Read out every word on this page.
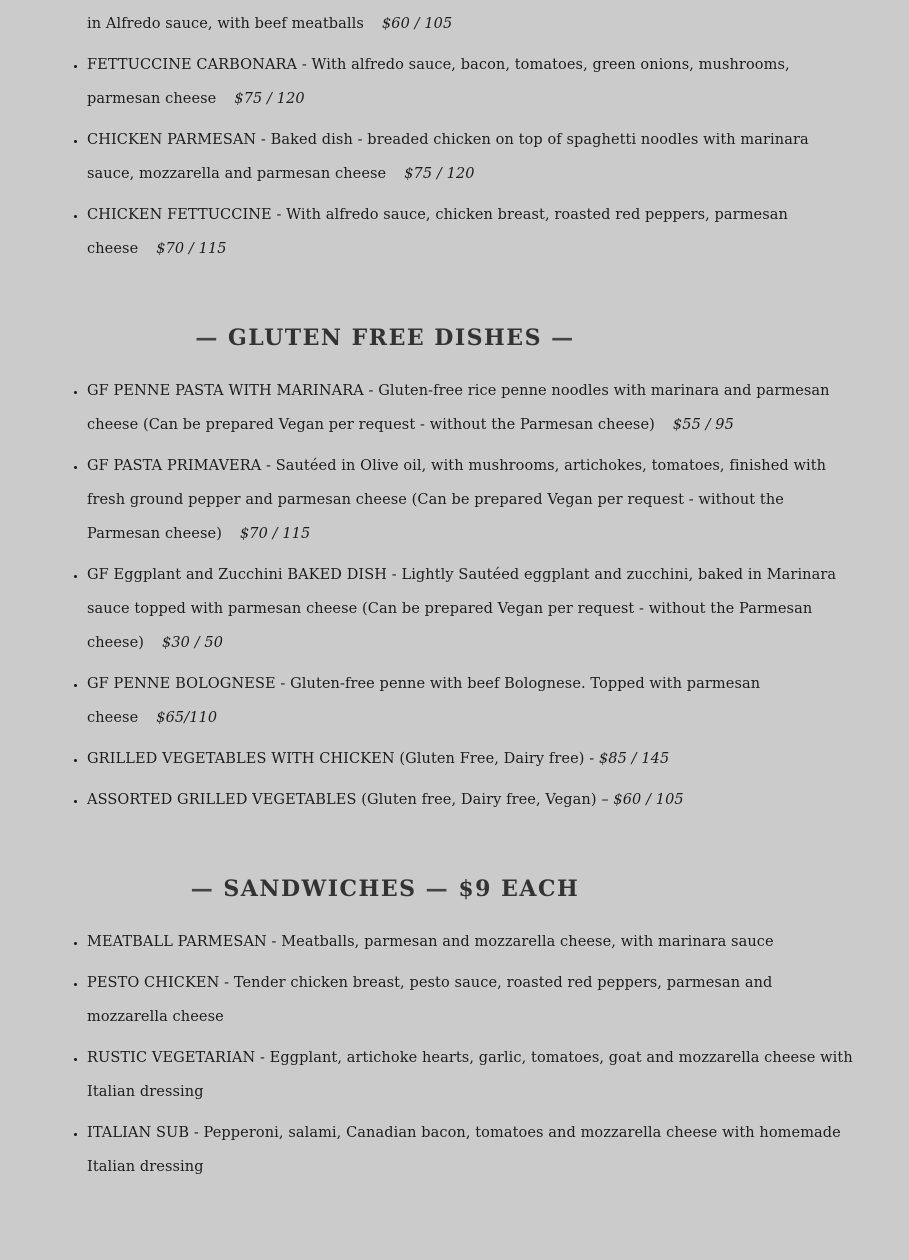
in Alfredo sauce, with beef meatballs $60 / 105
• FETTUCCINE CARBONARA - With alfredo sauce, bacon, tomatoes, green onions, mushrooms, parmesan cheese $75 / 120
• CHICKEN PARMESAN - Baked dish - breaded chicken on top of spaghetti noodles with marinara sauce, mozzarella and parmesan cheese $75 / 120
• CHICKEN FETTUCCINE - With alfredo sauce, chicken breast, roasted red peppers, parmesan cheese $70 / 115
— GLUTEN FREE DISHES —
• GF PENNE PASTA WITH MARINARA - Gluten-free rice penne noodles with marinara and parmesan cheese (Can be prepared Vegan per request - without the Parmesan cheese) $55 / 95
• GF PASTA PRIMAVERA - Sautéed in Olive oil, with mushrooms, artichokes, tomatoes, finished with fresh ground pepper and parmesan cheese (Can be prepared Vegan per request - without the Parmesan cheese) $70 / 115
• GF Eggplant and Zucchini BAKED DISH - Lightly Sautéed eggplant and zucchini, baked in Marinara sauce topped with parmesan cheese (Can be prepared Vegan per request - without the Parmesan cheese) $30 / 50
• GF PENNE BOLOGNESE - Gluten-free penne with beef Bolognese. Topped with parmesan cheese $65/110
• GRILLED VEGETABLES WITH CHICKEN (Gluten Free, Dairy free) - $85 / 145
• ASSORTED GRILLED VEGETABLES (Gluten free, Dairy free, Vegan) – $60 / 105
— SANDWICHES — $9 EACH
• MEATBALL PARMESAN - Meatballs, parmesan and mozzarella cheese, with marinara sauce
• PESTO CHICKEN - Tender chicken breast, pesto sauce, roasted red peppers, parmesan and mozzarella cheese
• RUSTIC VEGETARIAN - Eggplant, artichoke hearts, garlic, tomatoes, goat and mozzarella cheese with Italian dressing
• ITALIAN SUB - Pepperoni, salami, Canadian bacon, tomatoes and mozzarella cheese with homemade Italian dressing
